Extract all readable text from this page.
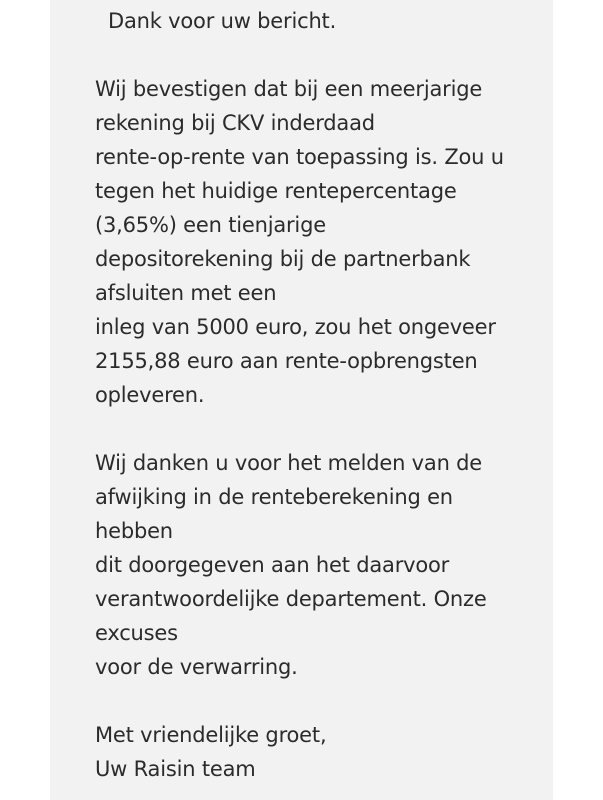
Dank voor uw bericht.
Wij bevestigen dat bij een meerjarige
rekening bij CKV inderdaad
rente-op-rente van toepassing is. Zou u
tegen het huidige rentepercentage
(3,65%) een tienjarige
depositorekening bij de partnerbank
afsluiten met een
inleg van 5000 euro, zou het ongeveer
2155,88 euro aan rente-opbrengsten
opleveren.
Wij danken u voor het melden van de
afwijking in de renteberekening en
hebben
dit doorgegeven aan het daarvoor
verantwoordelijke departement. Onze
excuses
voor de verwarring.
Met vriendelijke groet,
Uw Raisin team
